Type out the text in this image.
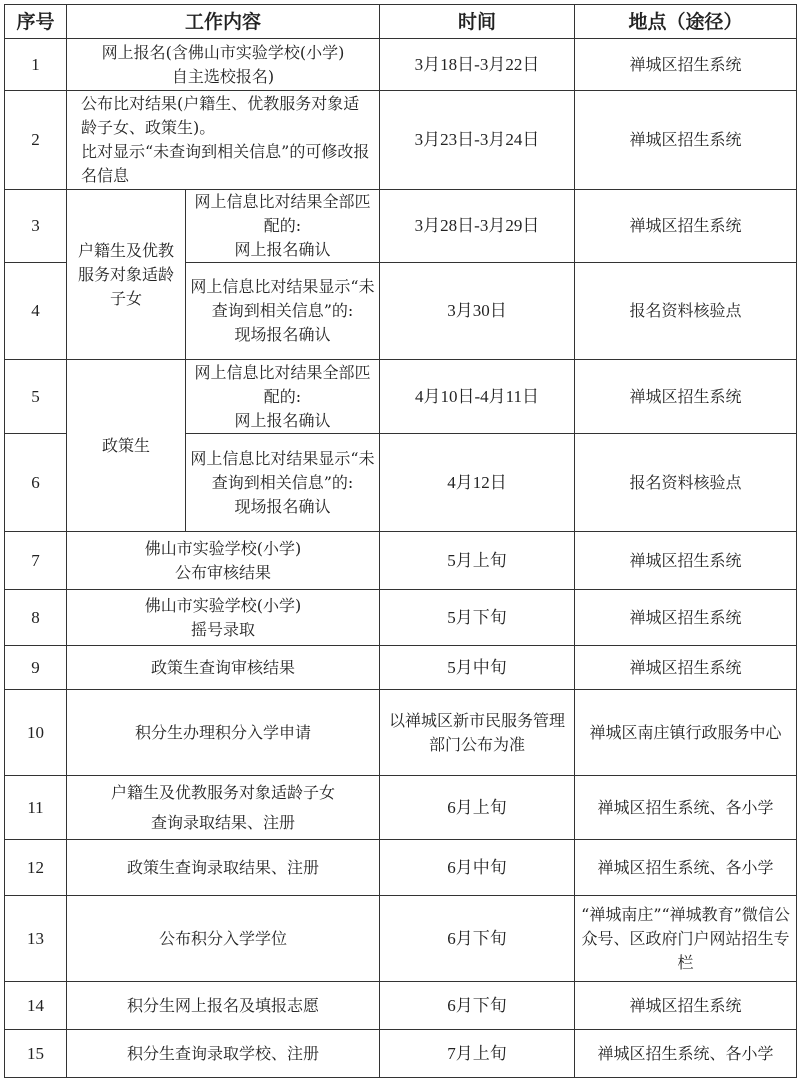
序号	工作内容		时间	地点（途径）
1	网上报名(含佛山市实验学校(小学)
自主选校报名)		3月18日-3月22日	禅城区招生系统
2	公布比对结果(户籍生、优教服务对象适龄子女、政策生)。
比对显示“未查询到相关信息”的可修改报名信息		3月23日-3月24日	禅城区招生系统
3	户籍生及优教服务对象适龄子女	网上信息比对结果全部匹配的:
网上报名确认	3月28日-3月29日	禅城区招生系统
4		网上信息比对结果显示“未查询到相关信息”的:
现场报名确认	3月30日	报名资料核验点
5	政策生	网上信息比对结果全部匹配的:
网上报名确认	4月10日-4月11日	禅城区招生系统
6		网上信息比对结果显示“未查询到相关信息”的:
现场报名确认	4月12日	报名资料核验点
7	佛山市实验学校(小学)
公布审核结果		5月上旬	禅城区招生系统
8	佛山市实验学校(小学)
摇号录取		5月下旬	禅城区招生系统
9	政策生查询审核结果		5月中旬	禅城区招生系统
10	积分生办理积分入学申请		以禅城区新市民服务管理部门公布为准	禅城区南庄镇行政服务中心
11	户籍生及优教服务对象适龄子女
查询录取结果、注册		6月上旬	禅城区招生系统、各小学
12	政策生查询录取结果、注册		6月中旬	禅城区招生系统、各小学
13	公布积分入学学位		6月下旬	“禅城南庄”“禅城教育”微信公众号、区政府门户网站招生专栏
14	积分生网上报名及填报志愿		6月下旬	禅城区招生系统
15	积分生查询录取学校、注册		7月上旬	禅城区招生系统、各小学
